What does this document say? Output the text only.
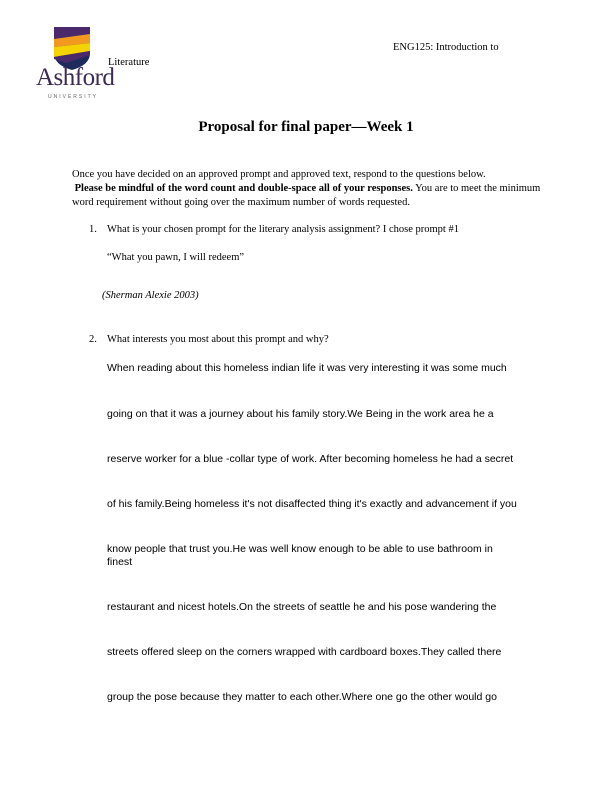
Ashford
UNIVERSITY
ENG125: Introduction to
Literature
Proposal for final paper—Week 1
Once you have decided on an approved prompt and approved text, respond to the questions below.
Please be mindful of the word count and double-space all of your responses. You are to meet the minimum word requirement without going over the maximum number of words requested.
1. What is your chosen prompt for the literary analysis assignment? I chose prompt #1
“What you pawn, I will redeem”
(Sherman Alexie 2003)
2. What interests you most about this prompt and why?
When reading about this homeless indian life it was very interesting it was some much
going on that it was a journey about his family story.We Being in the work area he a
reserve worker for a blue -collar type of work. After becoming homeless he had a secret
of his family.Being homeless it's not disaffected thing it's exactly and advancement if you
know people that trust you.He was well know enough to be able to use bathroom in
finest
restaurant and nicest hotels.On the streets of seattle he and his pose wandering the
streets offered sleep on the corners wrapped with cardboard boxes.They called there
group the pose because they matter to each other.Where one go the other would go
